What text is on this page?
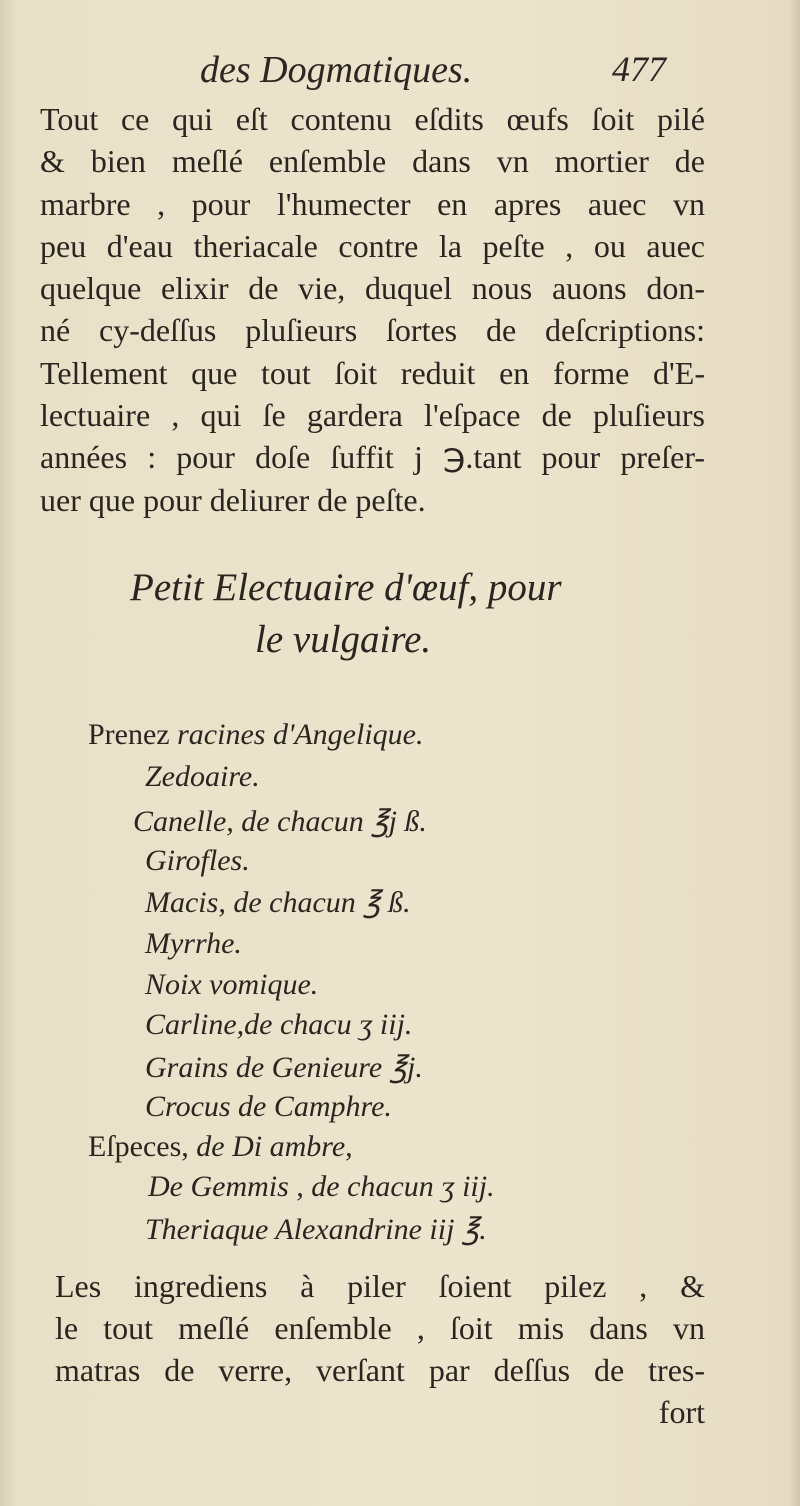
des Dogmatiques.	477
Tout ce qui eſt contenu eſdits œufs ſoit pilé
& bien meſlé enſemble dans vn mortier de
marbre , pour l'humecter en apres auec vn
peu d'eau theriacale contre la peſte , ou auec
quelque elixir de vie, duquel nous auons don-
né cy-deſſus pluſieurs ſortes de deſcriptions:
Tellement que tout ſoit reduit en forme d'E-
lectuaire , qui ſe gardera l'eſpace de pluſieurs
années : pour doſe ſuffit j ℈.tant pour preſer-
uer que pour deliurer de peſte.
Petit Electuaire d'œuf, pour
le vulgaire.
Prenez racines d'Angelique.
Zedoaire.
Canelle, de chacun ℥j ß.
Girofles.
Macis, de chacun ℥ ß.
Myrrhe.
Noix vomique.
Carline,de chacu ʒ iij.
Grains de Genieure ℥j.
Crocus de Camphre.
Eſpeces, de Di ambre,
De Gemmis , de chacun ʒ iij.
Theriaque Alexandrine iij ℥.
Les ingrediens à piler ſoient pilez , &
le tout meſlé enſemble , ſoit mis dans vn
matras de verre, verſant par deſſus de tres-
fort
